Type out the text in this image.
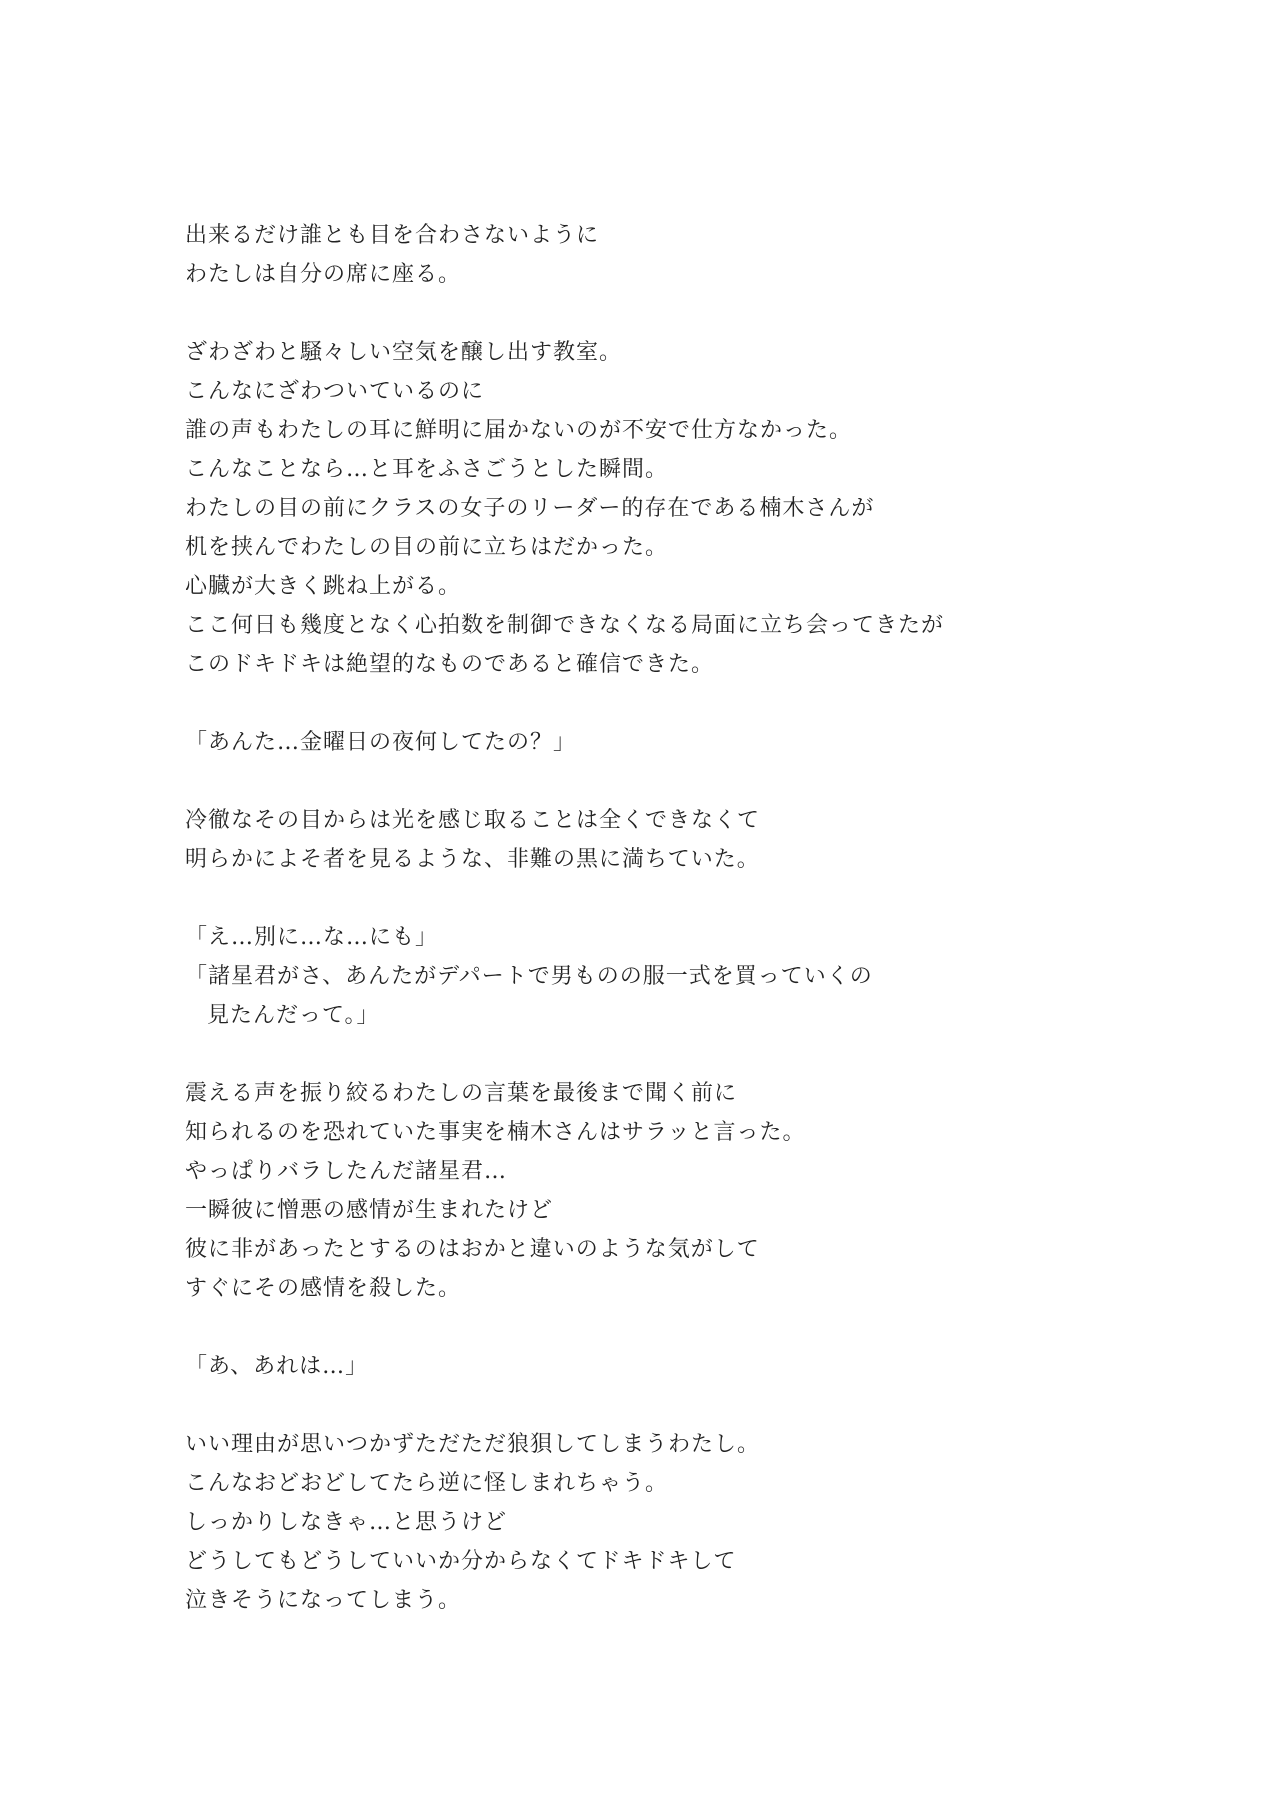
出来るだけ誰とも目を合わさないように
わたしは自分の席に座る。
ざわざわと騒々しい空気を醸し出す教室。
こんなにざわついているのに
誰の声もわたしの耳に鮮明に届かないのが不安で仕方なかった。
こんなことなら…と耳をふさごうとした瞬間。
わたしの目の前にクラスの女子のリーダー的存在である楠木さんが
机を挟んでわたしの目の前に立ちはだかった。
心臓が大きく跳ね上がる。
ここ何日も幾度となく心拍数を制御できなくなる局面に立ち会ってきたが
このドキドキは絶望的なものであると確信できた。
「あんた…金曜日の夜何してたの？」
冷徹なその目からは光を感じ取ることは全くできなくて
明らかによそ者を見るような、非難の黒に満ちていた。
「え…別に…な…にも」
「諸星君がさ、あんたがデパートで男ものの服一式を買っていくの
見たんだって。」
震える声を振り絞るわたしの言葉を最後まで聞く前に
知られるのを恐れていた事実を楠木さんはサラッと言った。
やっぱりバラしたんだ諸星君…
一瞬彼に憎悪の感情が生まれたけど
彼に非があったとするのはおかと違いのような気がして
すぐにその感情を殺した。
「あ、あれは…」
いい理由が思いつかずただただ狼狽してしまうわたし。
こんなおどおどしてたら逆に怪しまれちゃう。
しっかりしなきゃ…と思うけど
どうしてもどうしていいか分からなくてドキドキして
泣きそうになってしまう。
